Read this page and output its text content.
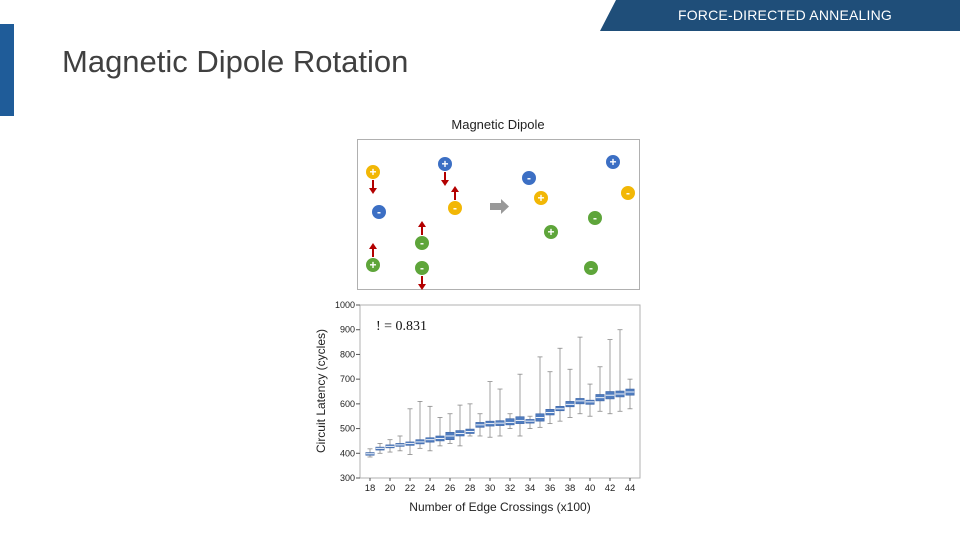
FORCE-DIRECTED ANNEALING
Magnetic Dipole Rotation
Magnetic Dipole
+
-
+
+
-
-
-
-
+
+
-
+
-
-
300
400
500
600
700
800
900
1000
18 20 22 24 26 28 30 32 34 36 38 40 42 44
! = 0.831
Number of Edge Crossings (x100)
Circuit Latency (cycles)
